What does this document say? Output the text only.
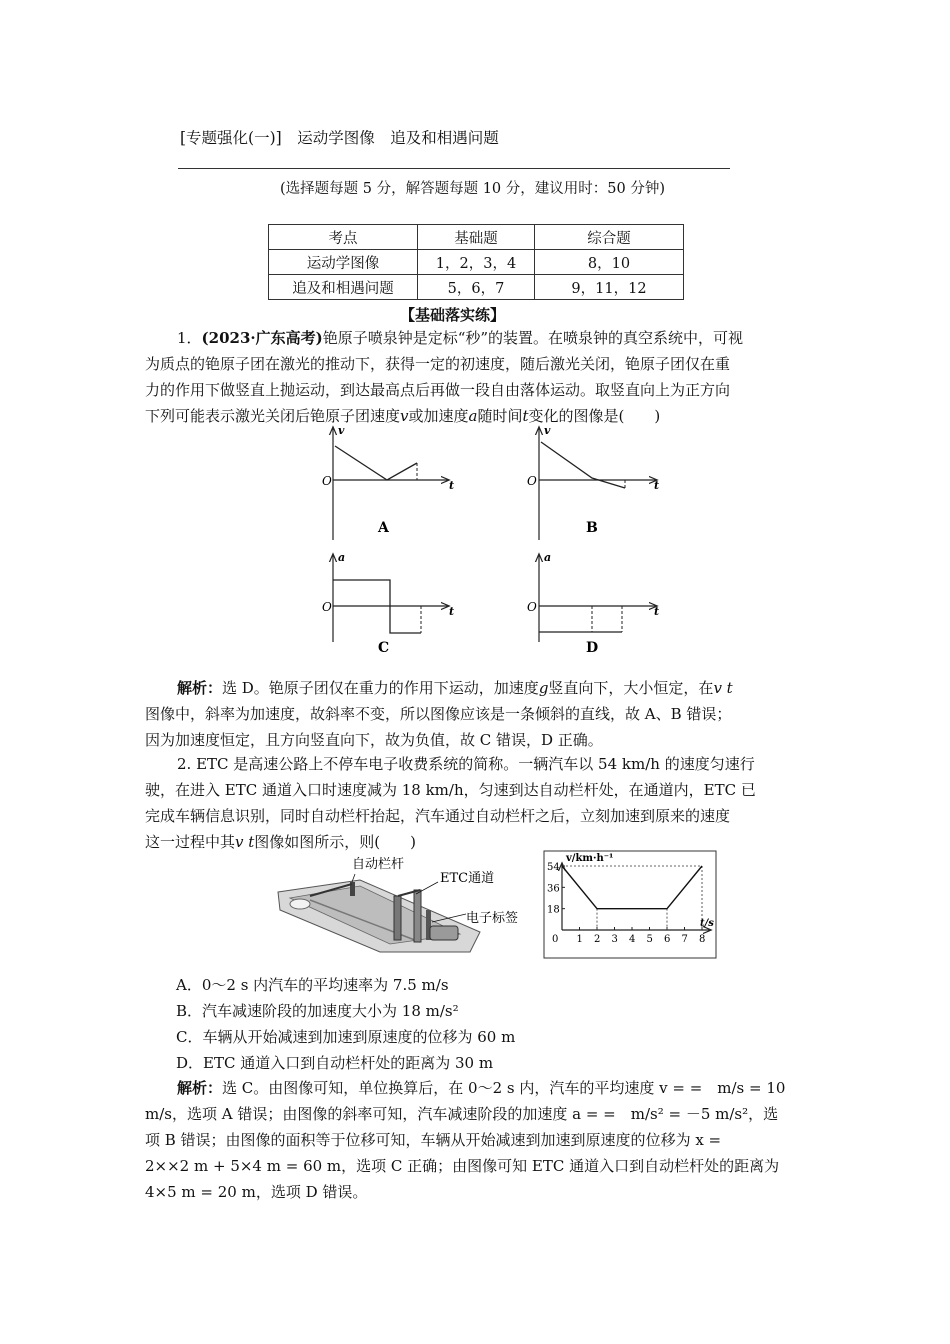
[专题强化(一)]　运动学图像　追及和相遇问题
(选择题每题 5 分，解答题每题 10 分，建议用时：50 分钟)
考点	基础题	综合题
运动学图像	1，2，3，4	8，10
追及和相遇问题	5，6，7	9，11，12
【基础落实练】
1．(2023·广东高考)铯原子喷泉钟是定标“秒”的装置。在喷泉钟的真空系统中，可视
为质点的铯原子团在激光的推动下，获得一定的初速度，随后激光关闭，铯原子团仅在重
力的作用下做竖直上抛运动，到达最高点后再做一段自由落体运动。取竖直向上为正方向
下列可能表示激光关闭后铯原子团速度v或加速度a随时间t变化的图像是(　　)
O
v
t
A
O
v
t
B
O
a
t
C
O
a
t
D
解析：选 D。铯原子团仅在重力的作用下运动，加速度g竖直向下，大小恒定，在v t
图像中，斜率为加速度，故斜率不变，所以图像应该是一条倾斜的直线，故 A、B 错误；
因为加速度恒定，且方向竖直向下，故为负值，故 C 错误，D 正确。
2. ETC 是高速公路上不停车电子收费系统的简称。一辆汽车以 54 km/h 的速度匀速行
驶，在进入 ETC 通道入口时速度减为 18 km/h，匀速到达自动栏杆处，在通道内，ETC 已
完成车辆信息识别，同时自动栏杆抬起，汽车通过自动栏杆之后，立刻加速到原来的速度
这一过程中其v t图像如图所示，则(　　)
自动栏杆
ETC通道
电子标签
v/km·h⁻¹
t/s
0 1 2 3 4 5 6 7 8
18
36
54
A．0～2 s 内汽车的平均速率为 7.5 m/s
B．汽车减速阶段的加速度大小为 18 m/s²
C．车辆从开始减速到加速到原速度的位移为 60 m
D．ETC 通道入口到自动栏杆处的距离为 30 m
解析：选 C。由图像可知，单位换算后，在 0～2 s 内，汽车的平均速度 v = =　m/s = 10
m/s，选项 A 错误；由图像的斜率可知，汽车减速阶段的加速度 a = =　m/s² = －5 m/s²，选
项 B 错误；由图像的面积等于位移可知，车辆从开始减速到加速到原速度的位移为 x =
2××2 m + 5×4 m = 60 m，选项 C 正确；由图像可知 ETC 通道入口到自动栏杆处的距离为
4×5 m = 20 m，选项 D 错误。
